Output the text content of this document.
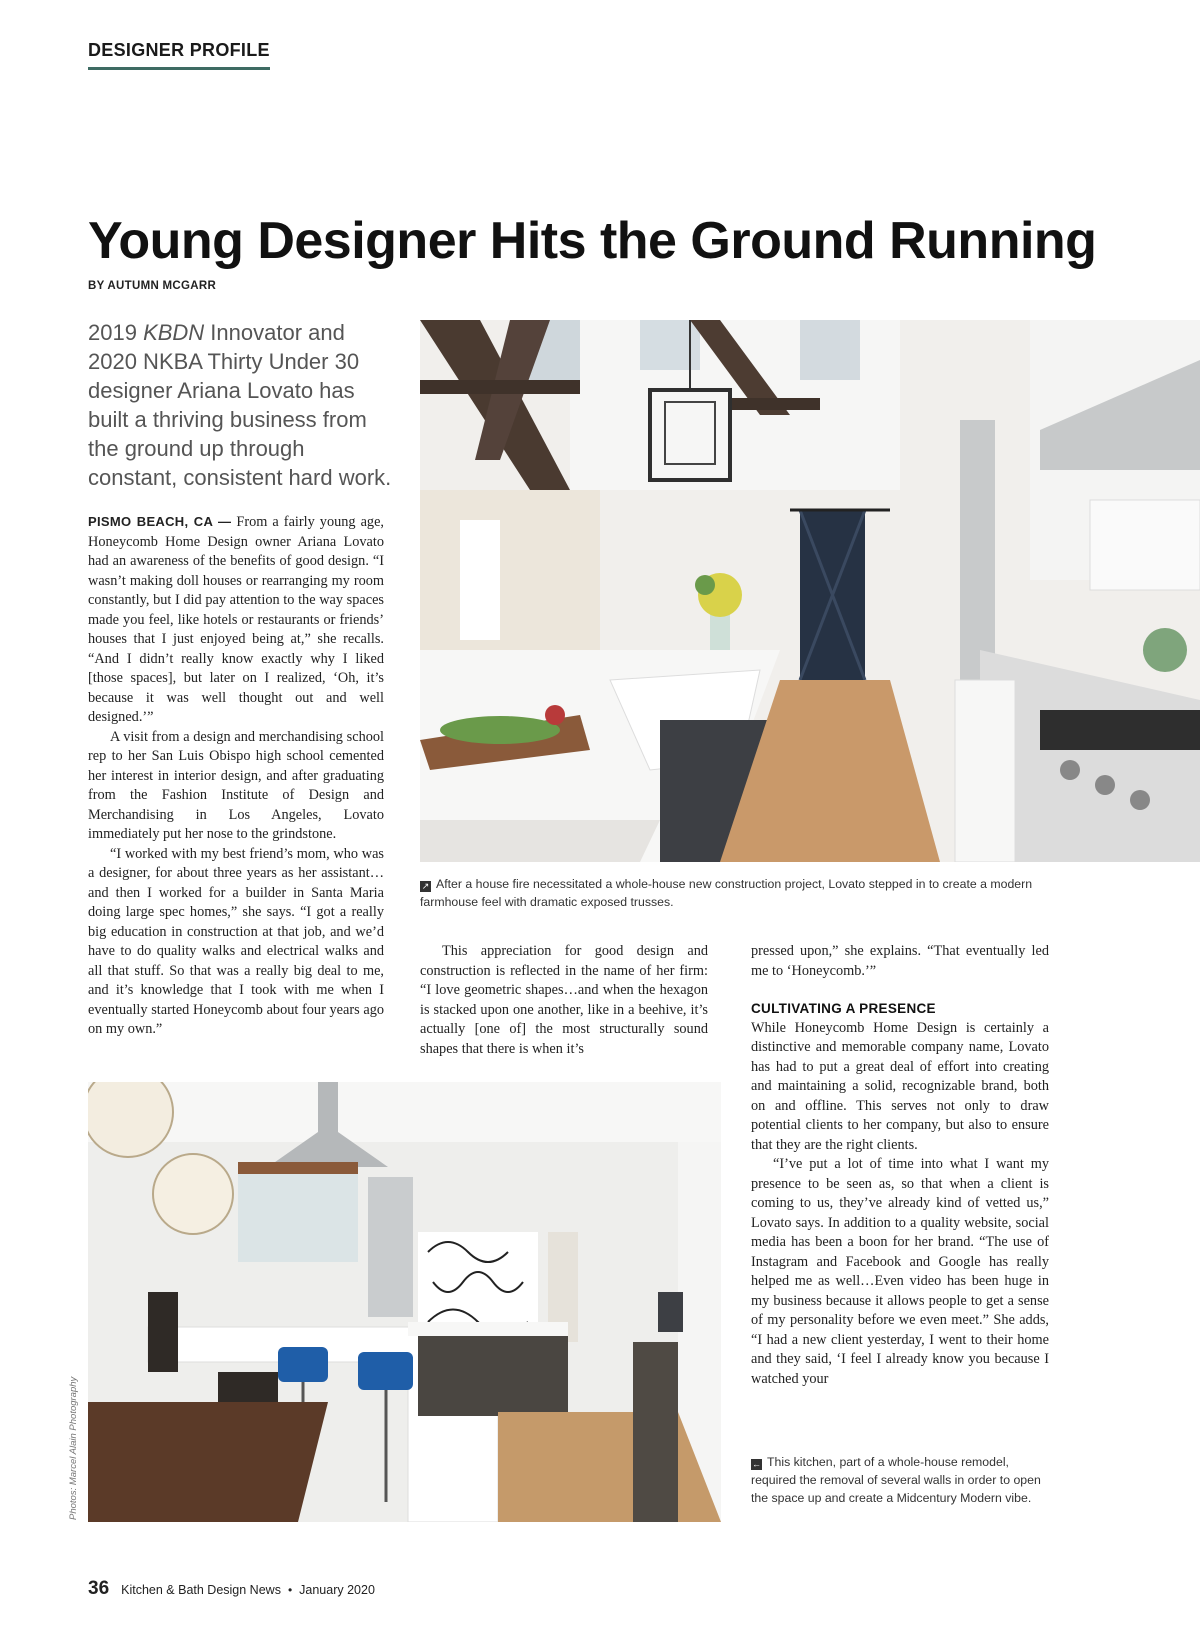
DESIGNER PROFILE
Young Designer Hits the Ground Running
BY AUTUMN MCGARR
2019 KBDN Innovator and 2020 NKBA Thirty Under 30 designer Ariana Lovato has built a thriving business from the ground up through constant, consistent hard work.

PISMO BEACH, CA — From a fairly young age, Honeycomb Home Design owner Ariana Lovato had an awareness of the benefits of good design. “I wasn’t making doll houses or rearranging my room constantly, but I did pay attention to the way spaces made you feel, like hotels or restaurants or friends’ houses that I just enjoyed being at,” she recalls. “And I didn’t really know exactly why I liked [those spaces], but later on I realized, ‘Oh, it’s because it was well thought out and well designed.’”

A visit from a design and merchandising school rep to her San Luis Obispo high school cemented her interest in interior design, and after graduating from the Fashion Institute of Design and Merchandising in Los Angeles, Lovato immediately put her nose to the grindstone.

“I worked with my best friend’s mom, who was a designer, for about three years as her assistant…and then I worked for a builder in Santa Maria doing large spec homes,” she says. “I got a really big education in construction at that job, and we’d have to do quality walks and electrical walks and all that stuff. So that was a really big deal to me, and it’s knowledge that I took with me when I eventually started Honeycomb about four years ago on my own.”

↗ After a house fire necessitated a whole-house new construction project, Lovato stepped in to create a modern farmhouse feel with dramatic exposed trusses.

This appreciation for good design and construction is reflected in the name of her firm: “I love geometric shapes…and when the hexagon is stacked upon one another, like in a beehive, it’s actually [one of] the most structurally sound shapes that there is when it’s

pressed upon,” she explains. “That eventually led me to ‘Honeycomb.’”

CULTIVATING A PRESENCE

While Honeycomb Home Design is certainly a distinctive and memorable company name, Lovato has had to put a great deal of effort into creating and maintaining a solid, recognizable brand, both on and offline. This serves not only to draw potential clients to her company, but also to ensure that they are the right clients.

“I’ve put a lot of time into what I want my presence to be seen as, so that when a client is coming to us, they’ve already kind of vetted us,” Lovato says. In addition to a quality website, social media has been a boon for her brand. “The use of Instagram and Facebook and Google has really helped me as well…Even video has been huge in my business because it allows people to get a sense of my personality before we even meet.” She adds, “I had a new client yesterday, I went to their home and they said, ‘I feel I already know you because I watched your

← This kitchen, part of a whole-house remodel, required the removal of several walls in order to open the space up and create a Midcentury Modern vibe.
Photos: Marcel Alain Photography
36 Kitchen & Bath Design News • January 2020
